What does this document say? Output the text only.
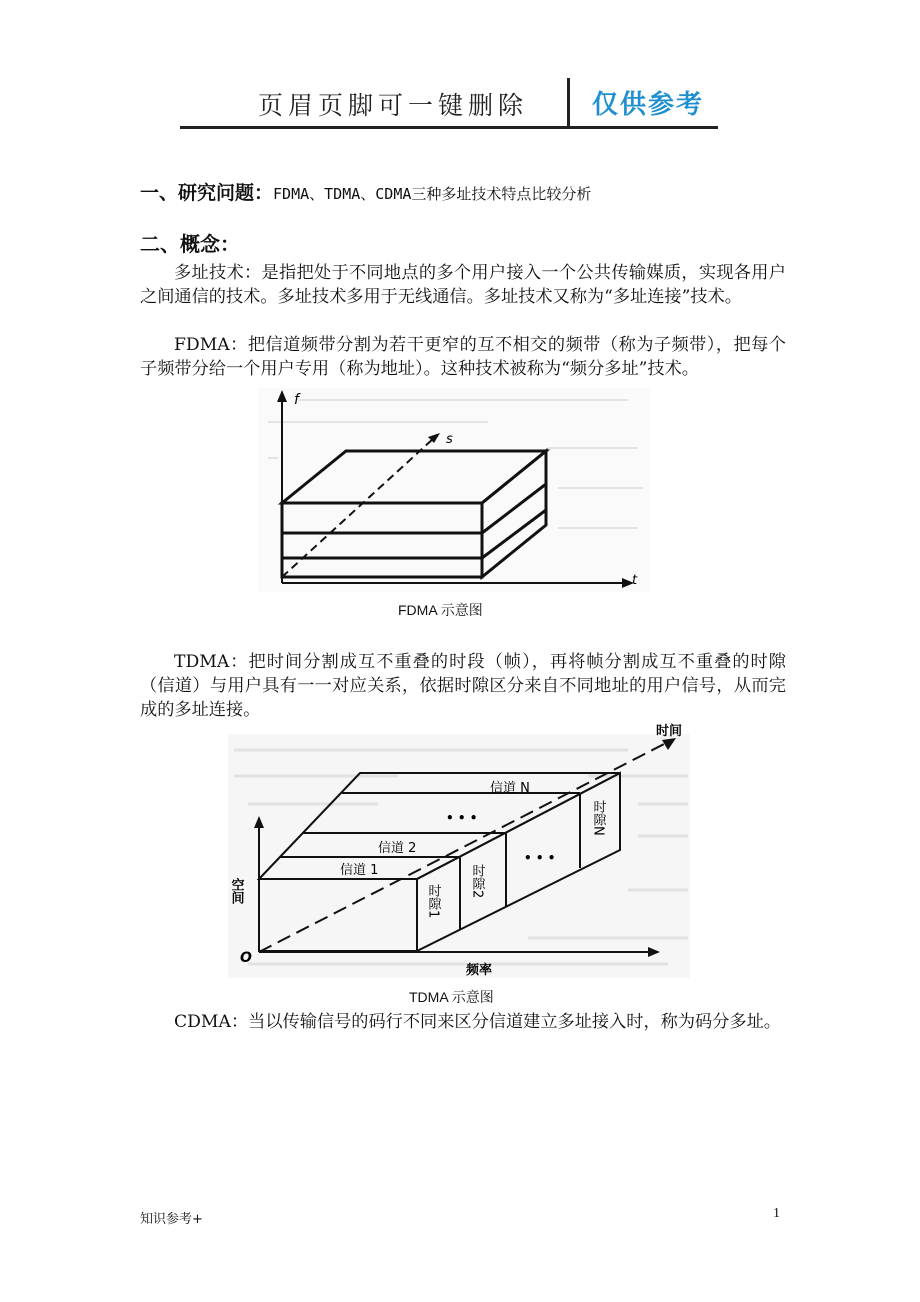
页眉页脚可一键删除 仅供参考
一、研究问题：FDMA、TDMA、CDMA三种多址技术特点比较分析
二、概念：

多址技术：是指把处于不同地点的多个用户接入一个公共传输媒质，实现各用户之间通信的技术。多址技术多用于无线通信。多址技术又称为“多址连接”技术。

FDMA：把信道频带分割为若干更窄的互不相交的频带（称为子频带），把每个子频带分给一个用户专用（称为地址）。这种技术被称为“频分多址”技术。

f
t
s
FDMA 示意图

TDMA：把时间分割成互不重叠的时段（帧），再将帧分割成互不重叠的时隙（信道）与用户具有一一对应关系，依据时隙区分来自不同地址的用户信号，从而完成的多址连接。

空间
频率
O
时间
信道 N
信道 2
信道 1
• • •
• • •
时隙1
时隙2
时隙N
TDMA 示意图

CDMA：当以传输信号的码行不同来区分信道建立多址接入时，称为码分多址。

知识参考+	1
